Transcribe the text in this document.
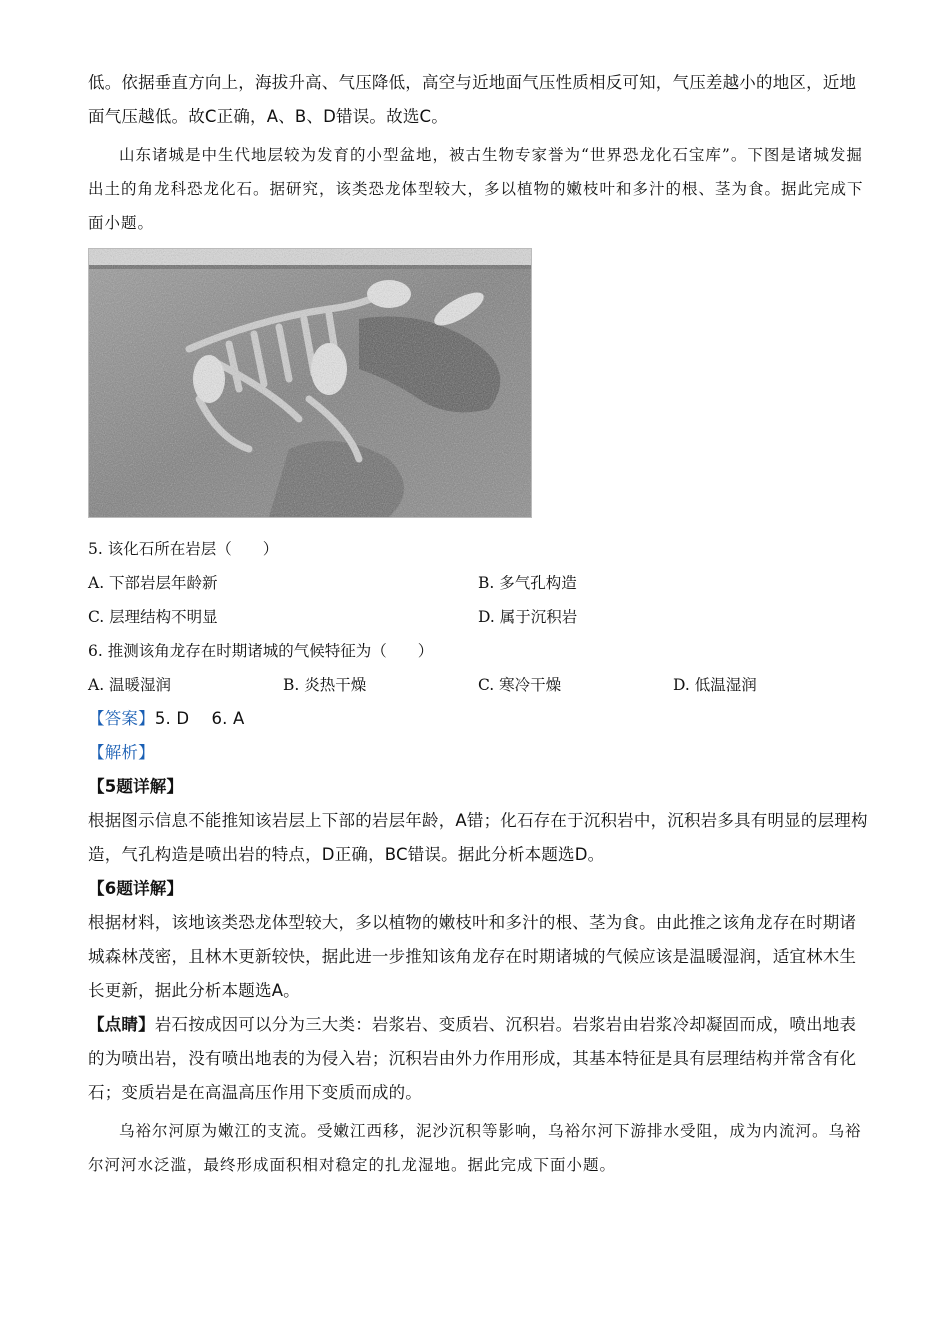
低。依据垂直方向上，海拔升高、气压降低，高空与近地面气压性质相反可知，气压差越小的地区，近地

面气压越低。故C正确，A、B、D错误。故选C。

山东诸城是中生代地层较为发育的小型盆地，被古生物专家誉为“世界恐龙化石宝库”。下图是诸城发掘出土的角龙科恐龙化石。据研究，该类恐龙体型较大，多以植物的嫩枝叶和多汁的根、茎为食。据此完成下面小题。

5. 该化石所在岩层（　　）

A. 下部岩层年龄新	B. 多气孔构造
C. 层理结构不明显	D. 属于沉积岩

6. 推测该角龙存在时期诸城的气候特征为（　　）

A. 温暖湿润	B. 炎热干燥	C. 寒冷干燥	D. 低温湿润

【答案】5. D　 6. A

【解析】

【5题详解】

根据图示信息不能推知该岩层上下部的岩层年龄，A错；化石存在于沉积岩中，沉积岩多具有明显的层理构造，气孔构造是喷出岩的特点，D正确，BC错误。据此分析本题选D。

【6题详解】

根据材料，该地该类恐龙体型较大，多以植物的嫩枝叶和多汁的根、茎为食。由此推之该角龙存在时期诸城森林茂密，且林木更新较快，据此进一步推知该角龙存在时期诸城的气候应该是温暖湿润，适宜林木生长更新，据此分析本题选A。

【点睛】岩石按成因可以分为三大类：岩浆岩、变质岩、沉积岩。岩浆岩由岩浆冷却凝固而成，喷出地表的为喷出岩，没有喷出地表的为侵入岩；沉积岩由外力作用形成，其基本特征是具有层理结构并常含有化石；变质岩是在高温高压作用下变质而成的。

乌裕尔河原为嫩江的支流。受嫩江西移，泥沙沉积等影响，乌裕尔河下游排水受阻，成为内流河。乌裕尔河河水泛滥，最终形成面积相对稳定的扎龙湿地。据此完成下面小题。
